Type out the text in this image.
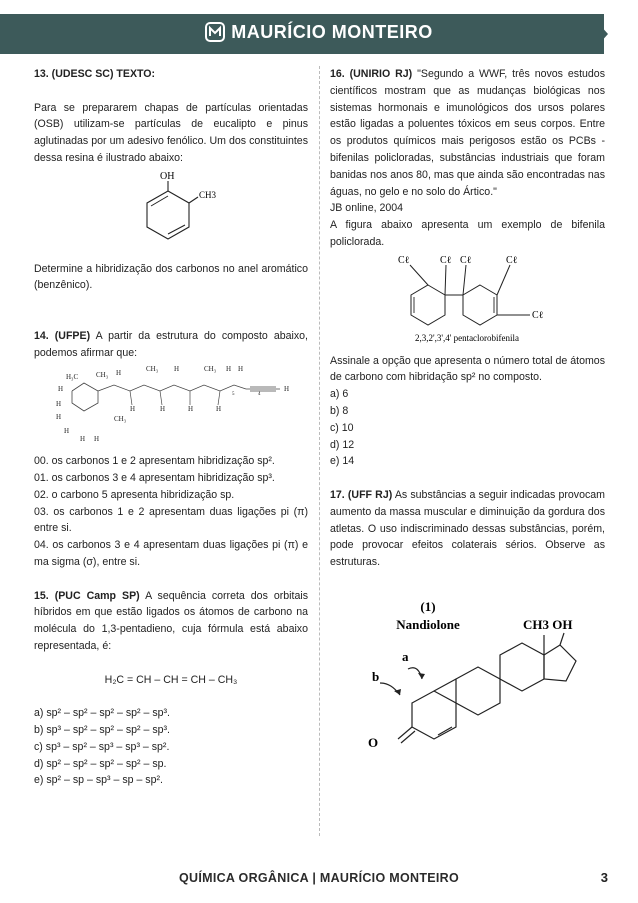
MAURÍCIO MONTEIRO

13. (UDESC SC) TEXTO:

Para se prepararem chapas de partículas orientadas (OSB) utilizam-se partículas de eucalipto e pinus aglutinadas por um adesivo fenólico. Um dos constituintes dessa resina é ilustrado abaixo:

OH
CH3

Determine a hibridização dos carbonos no anel aromático (benzênico).

14. (UFPE) A partir da estrutura do composto abaixo, podemos afirmar que:

H₃C	CH₃
H
H
H
H
H H
H	CH₃ H	CH₃ H H
H	H	H	H
CH₃
H
5	4

00. os carbonos 1 e 2 apresentam hibridização sp².

01. os carbonos 3 e 4 apresentam hibridização sp³.

02. o carbono 5 apresenta hibridização sp.

03. os carbonos 1 e 2 apresentam duas ligações pi (π) entre si.

04. os carbonos 3 e 4 apresentam duas ligações pi (π) e ma sigma (σ), entre si.

15. (PUC Camp SP) A sequência correta dos orbitais híbridos em que estão ligados os átomos de carbono na molécula do 1,3-pentadieno, cuja fórmula está abaixo representada, é:

H₂C = CH – CH = CH – CH₃

a) sp² – sp² – sp² – sp² – sp³.

b) sp³ – sp² – sp² – sp² – sp³.

c) sp³ – sp² – sp³ – sp³ – sp².

d) sp² – sp² – sp² – sp² – sp.

e) sp² – sp – sp³ – sp – sp².

16. (UNIRIO RJ) "Segundo a WWF, três novos estudos científicos mostram que as mudanças biológicas nos sistemas hormonais e imunológicos dos ursos polares estão ligadas a poluentes tóxicos em seus corpos. Entre os produtos químicos mais perigosos estão os PCBs - bifenilas policloradas, substâncias industriais que foram banidas nos anos 80, mas que ainda são encontradas nas águas, no gelo e no solo do Ártico."

JB online, 2004

A figura abaixo apresenta um exemplo de bifenila policlorada.

Cℓ	Cℓ Cℓ	Cℓ
Cℓ
2,3,2',3',4' pentaclorobifenila

Assinale a opção que apresenta o número total de átomos de carbono com hibridação sp² no composto.

a) 6

b) 8

c) 10

d) 12

e) 14

17. (UFF RJ) As substâncias a seguir indicadas provocam aumento da massa muscular e diminuição da gordura dos atletas. O uso indiscriminado dessas substâncias, porém, pode provocar efeitos colaterais sérios. Observe as estruturas.

(1)
Nandiolone	CH3 OH
a
b
O
QUÍMICA ORGÂNICA | MAURÍCIO MONTEIRO	3
